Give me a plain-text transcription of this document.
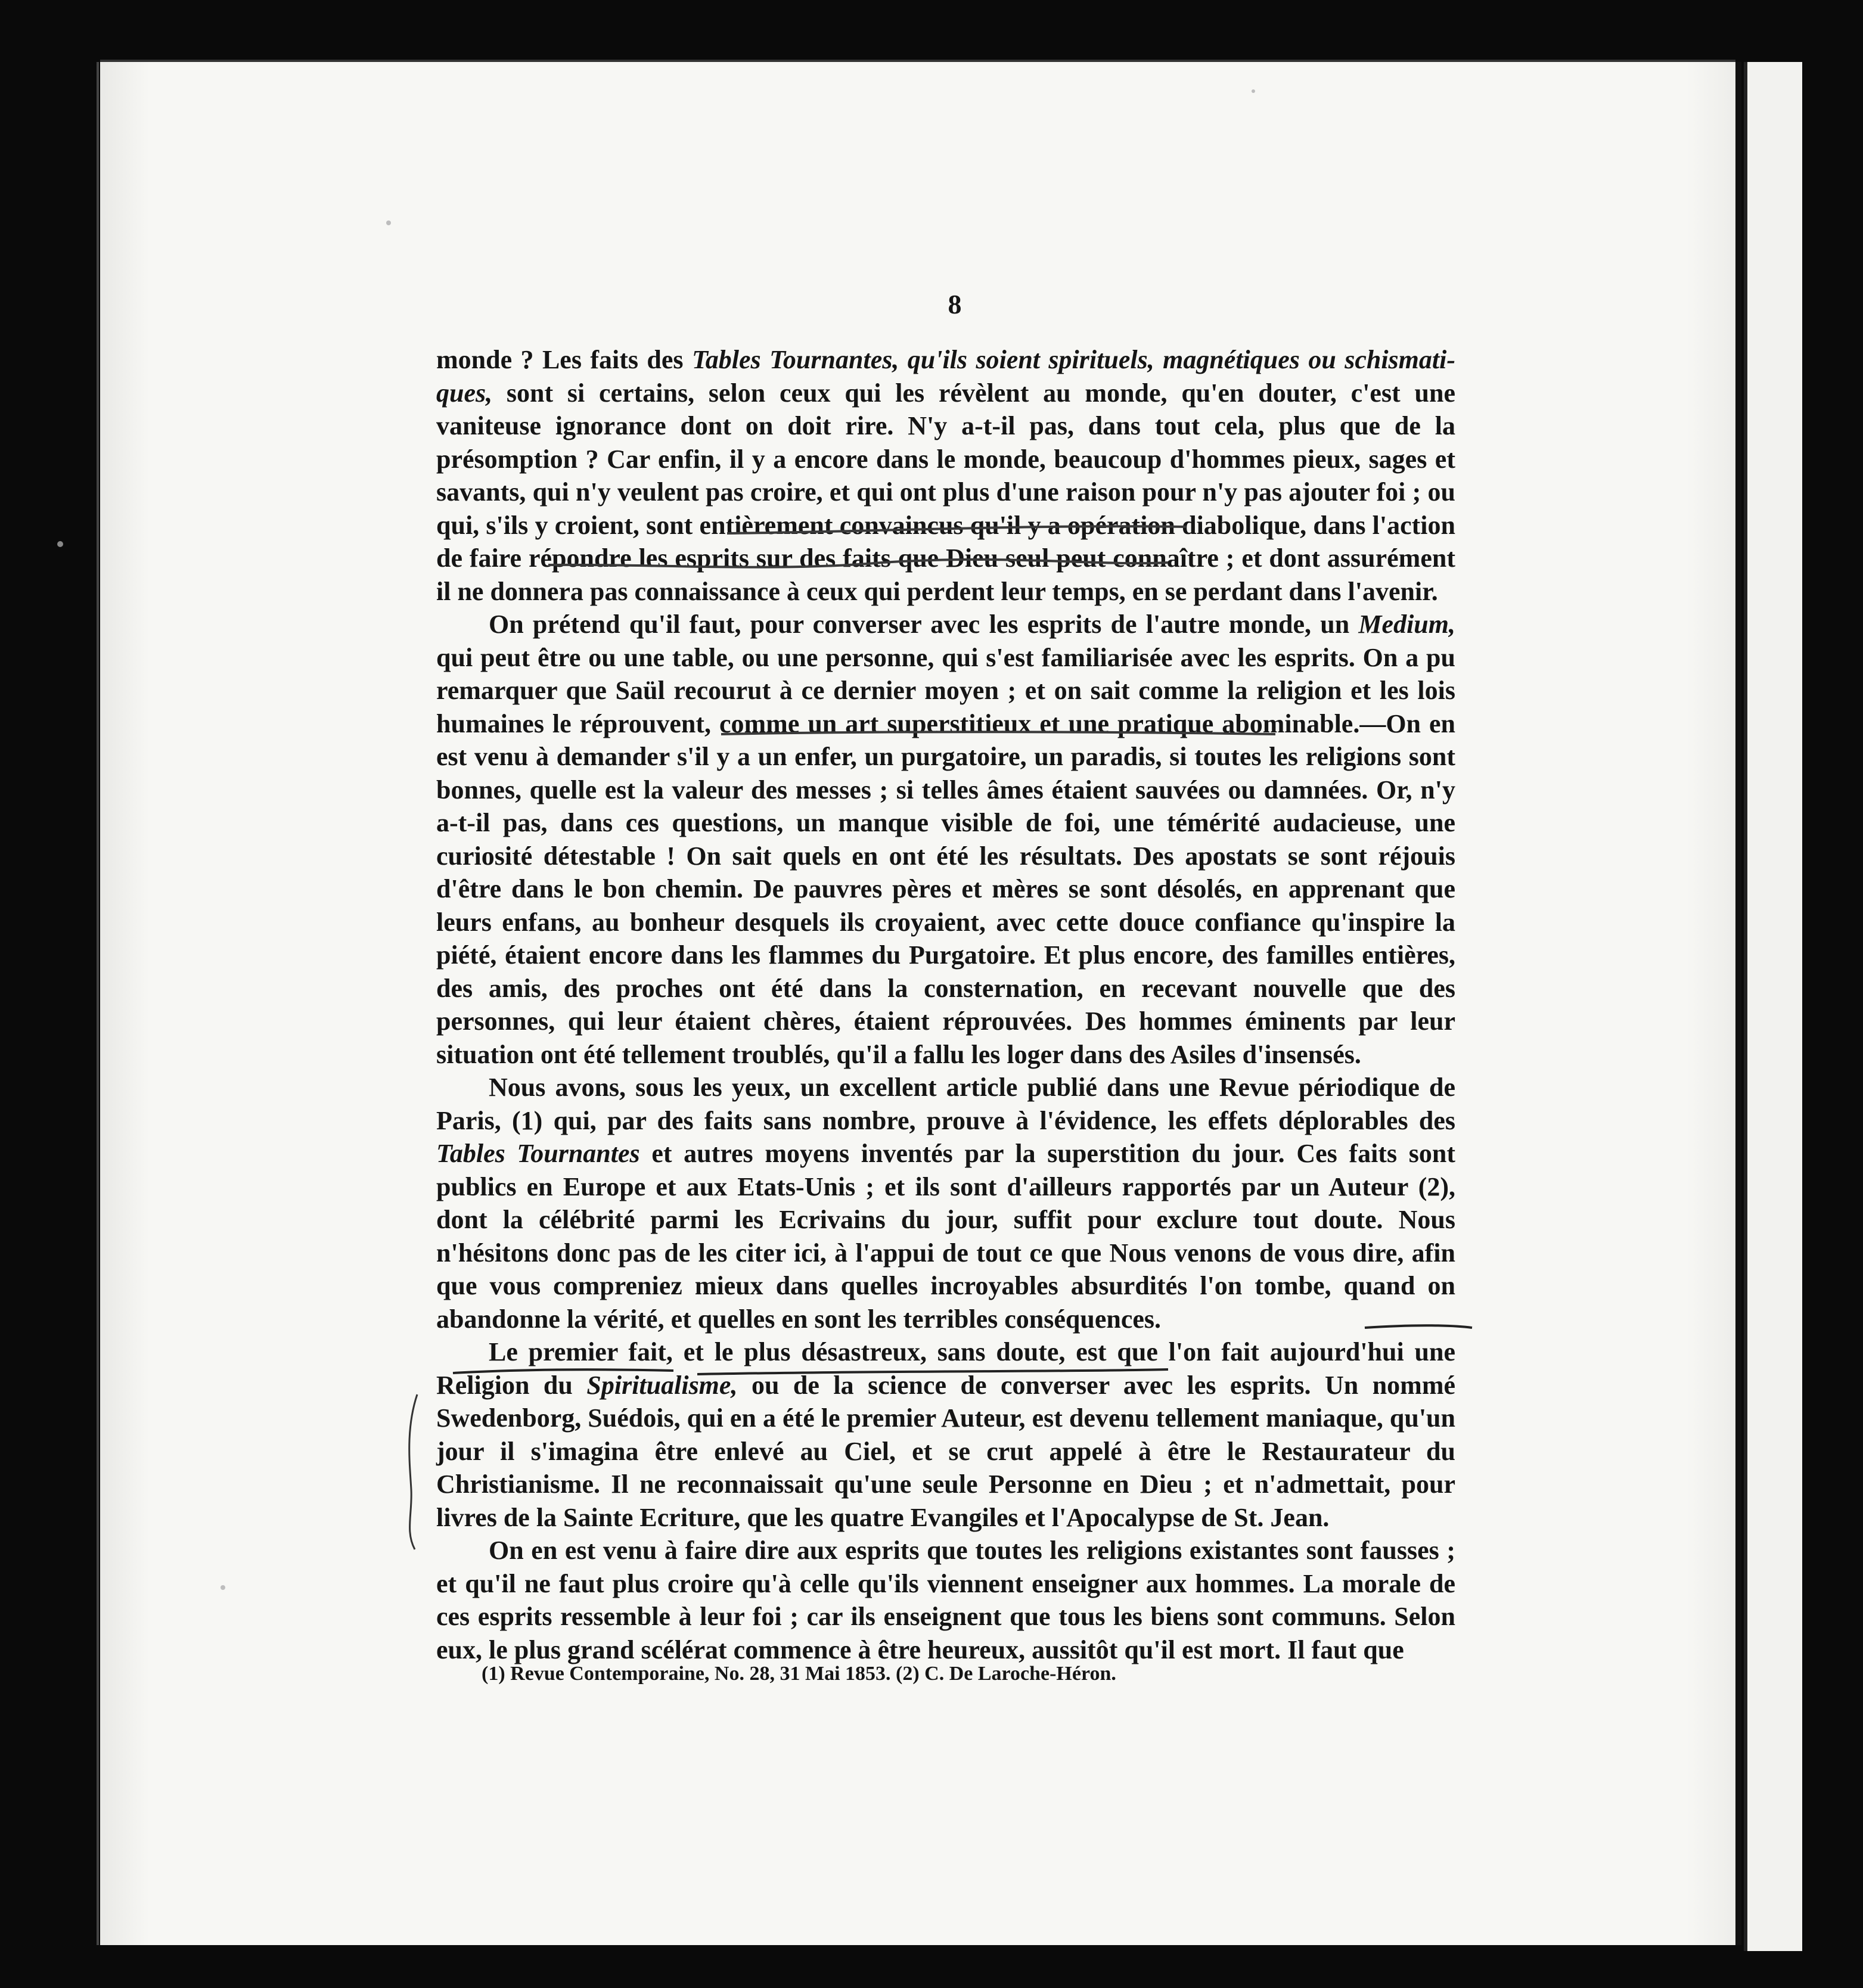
8

monde ? Les faits des Tables Tournantes, qu'ils soient spirituels, magnétiques ou schismati-ques, sont si certains, selon ceux qui les révèlent au monde, qu'en douter, c'est une vaniteuse ignorance dont on doit rire. N'y a-t-il pas, dans tout cela, plus que de la présomption ? Car enfin, il y a encore dans le monde, beaucoup d'hommes pieux, sages et savants, qui n'y veulent pas croire, et qui ont plus d'une raison pour n'y pas ajouter foi ; ou qui, s'ils y croient, sont entièrement convaincus qu'il y a opération diabolique, dans l'action de faire répondre les esprits sur des faits que Dieu seul peut connaître ; et dont assurément il ne donnera pas connaissance à ceux qui perdent leur temps, en se perdant dans l'avenir.

On prétend qu'il faut, pour converser avec les esprits de l'autre monde, un Medium, qui peut être ou une table, ou une personne, qui s'est familiarisée avec les esprits. On a pu remarquer que Saül recourut à ce dernier moyen ; et on sait comme la religion et les lois humaines le réprouvent, comme un art superstitieux et une pratique abominable.—On en est venu à demander s'il y a un enfer, un purgatoire, un paradis, si toutes les religions sont bonnes, quelle est la valeur des messes ; si telles âmes étaient sauvées ou damnées. Or, n'y a-t-il pas, dans ces questions, un manque visible de foi, une témérité audacieuse, une curiosité détestable ! On sait quels en ont été les résultats. Des apostats se sont réjouis d'être dans le bon chemin. De pauvres pères et mères se sont désolés, en apprenant que leurs enfans, au bonheur desquels ils croyaient, avec cette douce confiance qu'inspire la piété, étaient encore dans les flammes du Purgatoire. Et plus encore, des familles entières, des amis, des proches ont été dans la consternation, en recevant nouvelle que des personnes, qui leur étaient chères, étaient réprouvées. Des hommes éminents par leur situation ont été tellement troublés, qu'il a fallu les loger dans des Asiles d'insensés.

Nous avons, sous les yeux, un excellent article publié dans une Revue périodique de Paris, (1) qui, par des faits sans nombre, prouve à l'évidence, les effets déplorables des Tables Tournantes et autres moyens inventés par la superstition du jour. Ces faits sont publics en Europe et aux Etats-Unis ; et ils sont d'ailleurs rapportés par un Auteur (2), dont la célébrité parmi les Ecrivains du jour, suffit pour exclure tout doute. Nous n'hésitons donc pas de les citer ici, à l'appui de tout ce que Nous venons de vous dire, afin que vous compreniez mieux dans quelles incroyables absurdités l'on tombe, quand on abandonne la vérité, et quelles en sont les terribles conséquences.

Le premier fait, et le plus désastreux, sans doute, est que l'on fait aujourd'hui une Religion du Spiritualisme, ou de la science de converser avec les esprits. Un nommé Swedenborg, Suédois, qui en a été le premier Auteur, est devenu tellement maniaque, qu'un jour il s'imagina être enlevé au Ciel, et se crut appelé à être le Restaurateur du Christianisme. Il ne reconnaissait qu'une seule Personne en Dieu ; et n'admettait, pour livres de la Sainte Ecriture, que les quatre Evangiles et l'Apocalypse de St. Jean.

On en est venu à faire dire aux esprits que toutes les religions existantes sont fausses ; et qu'il ne faut plus croire qu'à celle qu'ils viennent enseigner aux hommes. La morale de ces esprits ressemble à leur foi ; car ils enseignent que tous les biens sont communs. Selon eux, le plus grand scélérat commence à être heureux, aussitôt qu'il est mort. Il faut que

(1) Revue Contemporaine, No. 28, 31 Mai 1853. (2) C. De Laroche-Héron.
